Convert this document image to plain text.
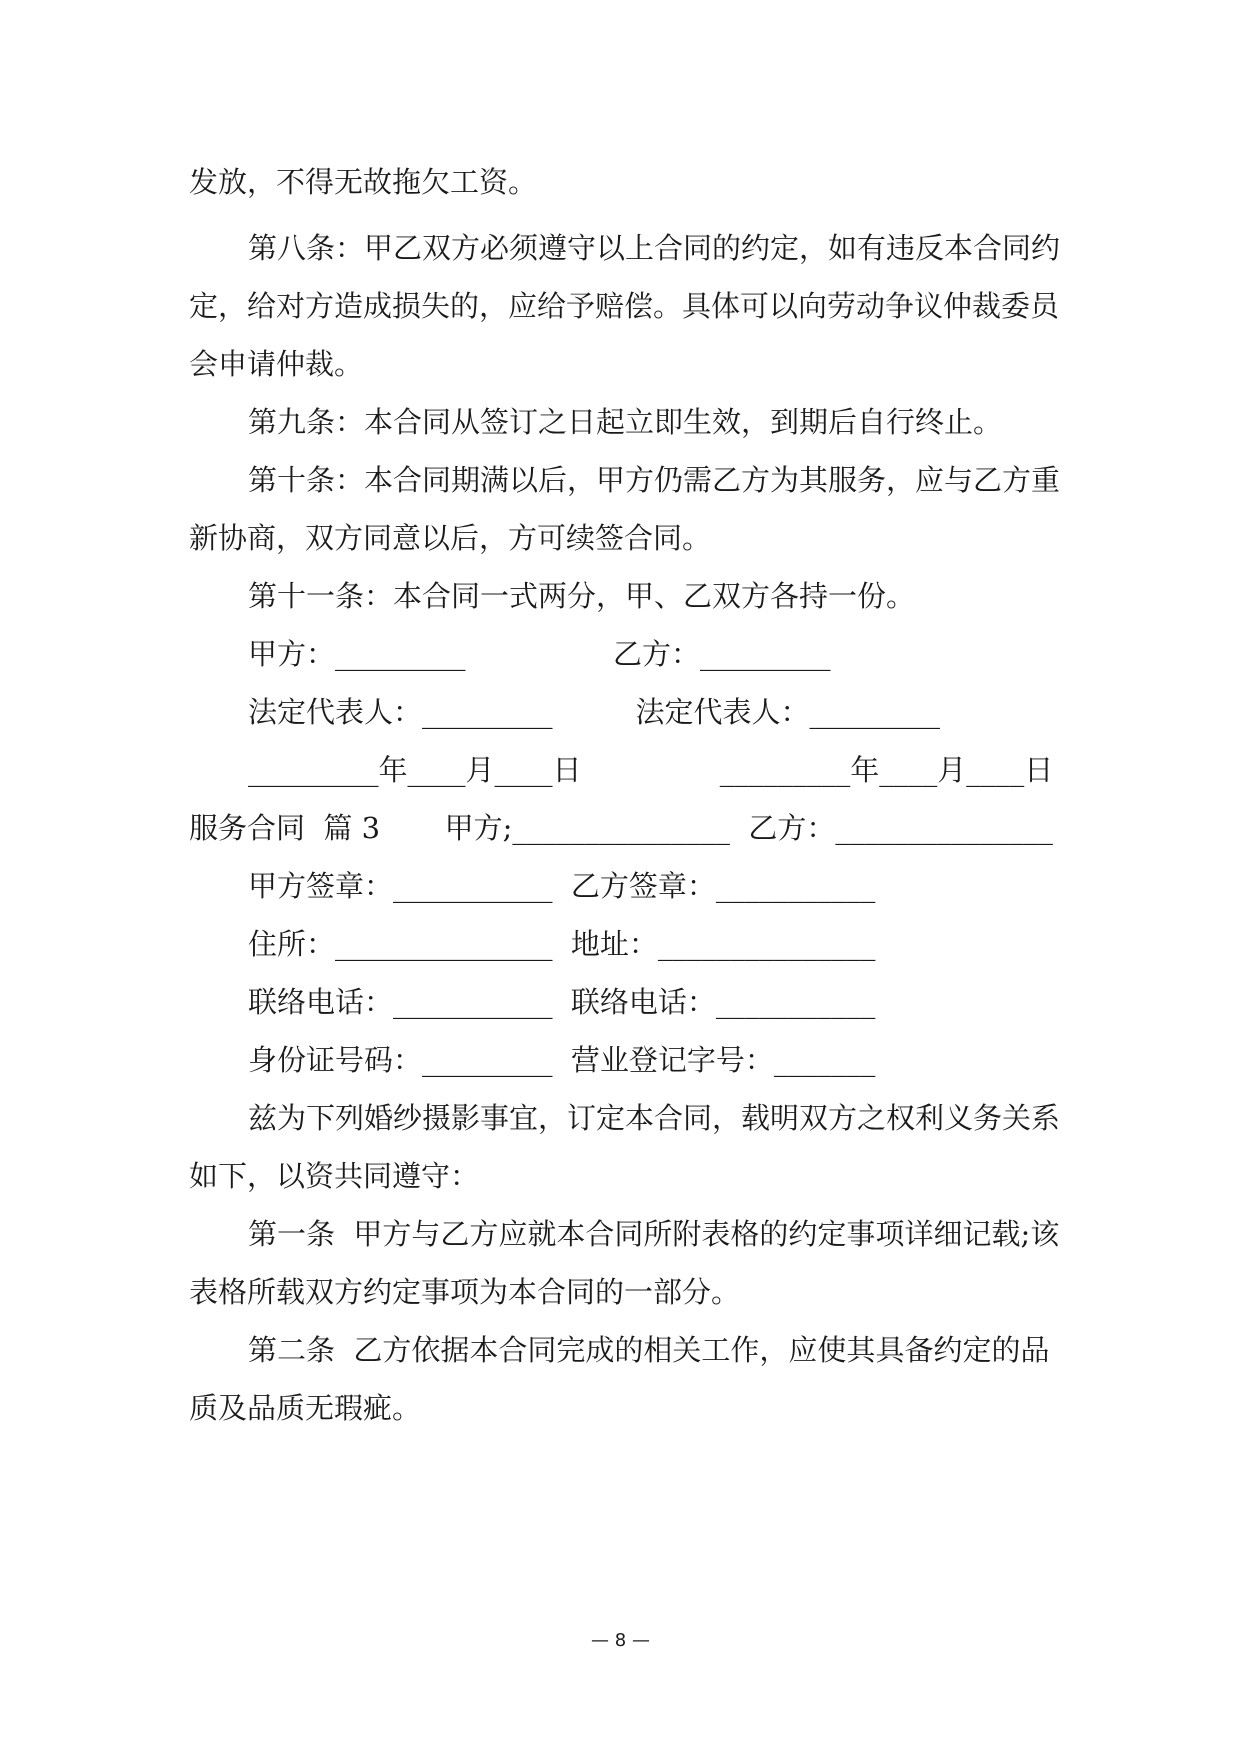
发放，不得无故拖欠工资。
第八条：甲乙双方必须遵守以上合同的约定，如有违反本合同约
定，给对方造成损失的，应给予赔偿。具体可以向劳动争议仲裁委员
会申请仲裁。
第九条：本合同从签订之日起立即生效，到期后自行终止。
第十条：本合同期满以后，甲方仍需乙方为其服务，应与乙方重
新协商，双方同意以后，方可续签合同。
第十一条：本合同一式两分，甲、乙双方各持一份。
甲方：_________                乙方：_________
法定代表人：_________         法定代表人：_________
_________年____月____日               _________年____月____日
服务合同  篇 3       甲方;_______________  乙方：_______________
甲方签章：___________  乙方签章：___________
住所：_______________  地址：_______________
联络电话：___________  联络电话：___________
身份证号码：_________  营业登记字号：_______
兹为下列婚纱摄影事宜，订定本合同，载明双方之权利义务关系
如下，以资共同遵守：
第一条  甲方与乙方应就本合同所附表格的约定事项详细记载;该
表格所载双方约定事项为本合同的一部分。
第二条  乙方依据本合同完成的相关工作，应使其具备约定的品
质及品质无瑕疵。
— 8 —
